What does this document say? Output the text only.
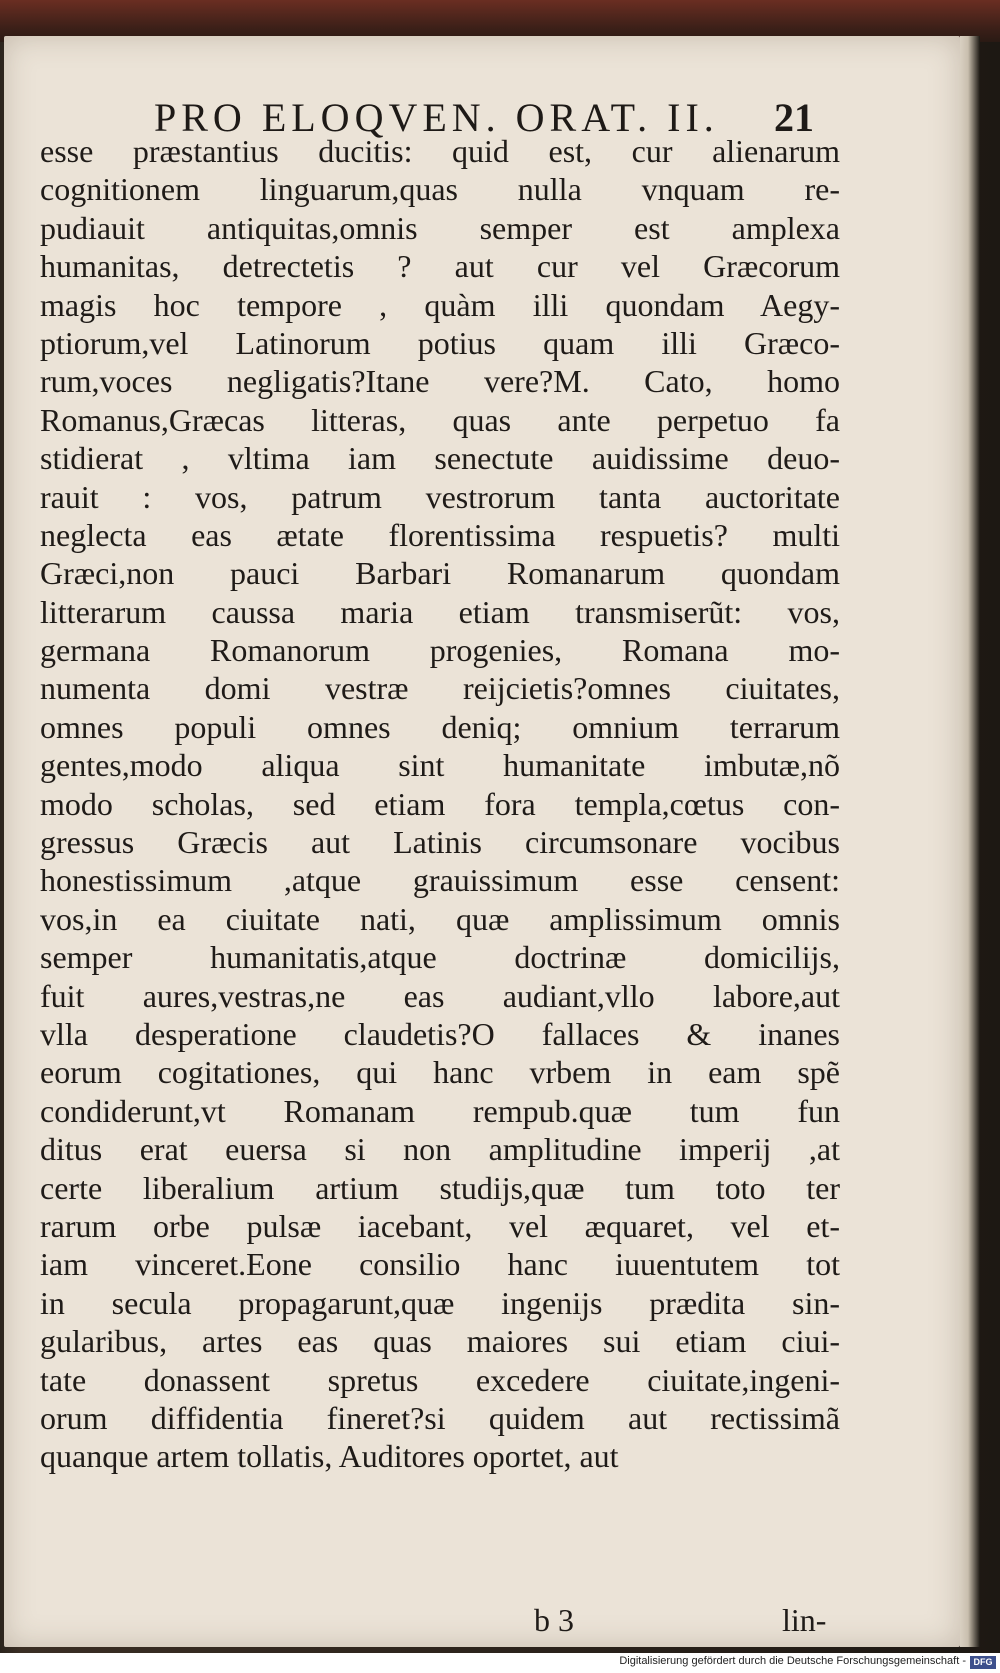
PRO ELOQVEN. ORAT. II. 21
esse præstantius ducitis: quid est, cur alienarum
cognitionem linguarum,quas nulla vnquam re-
pudiauit antiquitas,omnis semper est amplexa
humanitas, detrectetis ? aut cur vel Græcorum
magis hoc tempore , quàm illi quondam Aegy-
ptiorum,vel Latinorum potius quam illi Græco-
rum,voces negligatis?Itane vere?M. Cato, homo
Romanus,Græcas litteras, quas ante perpetuo fa
stidierat , vltima iam senectute auidissime deuo-
rauit : vos, patrum vestrorum tanta auctoritate
neglecta eas ætate florentissima respuetis? multi
Græci,non pauci Barbari Romanarum quondam
litterarum caussa maria etiam transmiserũt: vos,
germana Romanorum progenies, Romana mo-
numenta domi vestræ reijcietis?omnes ciuitates,
omnes populi omnes deniq; omnium terrarum
gentes,modo aliqua sint humanitate imbutæ,nõ
modo scholas, sed etiam fora templa,cœtus con-
gressus Græcis aut Latinis circumsonare vocibus
honestissimum ,atque grauissimum esse censent:
vos,in ea ciuitate nati, quæ amplissimum omnis
semper humanitatis,atque doctrinæ domicilijs,
fuit aures,vestras,ne eas audiant,vllo labore,aut
vlla desperatione claudetis?O fallaces & inanes
eorum cogitationes, qui hanc vrbem in eam spẽ
condiderunt,vt Romanam rempub.quæ tum fun
ditus erat euersa si non amplitudine imperij ,at
certe liberalium artium studijs,quæ tum toto ter
rarum orbe pulsæ iacebant, vel æquaret, vel et-
iam vinceret.Eone consilio hanc iuuentutem tot
in secula propagarunt,quæ ingenijs prædita sin-
gularibus, artes eas quas maiores sui etiam ciui-
tate donassent spretus excedere ciuitate,ingeni-
orum diffidentia fineret?si quidem aut rectissimã
quanque artem tollatis, Auditores oportet, aut
b 3	lin-
Digitalisierung gefördert durch die Deutsche Forschungsgemeinschaft - DFG
